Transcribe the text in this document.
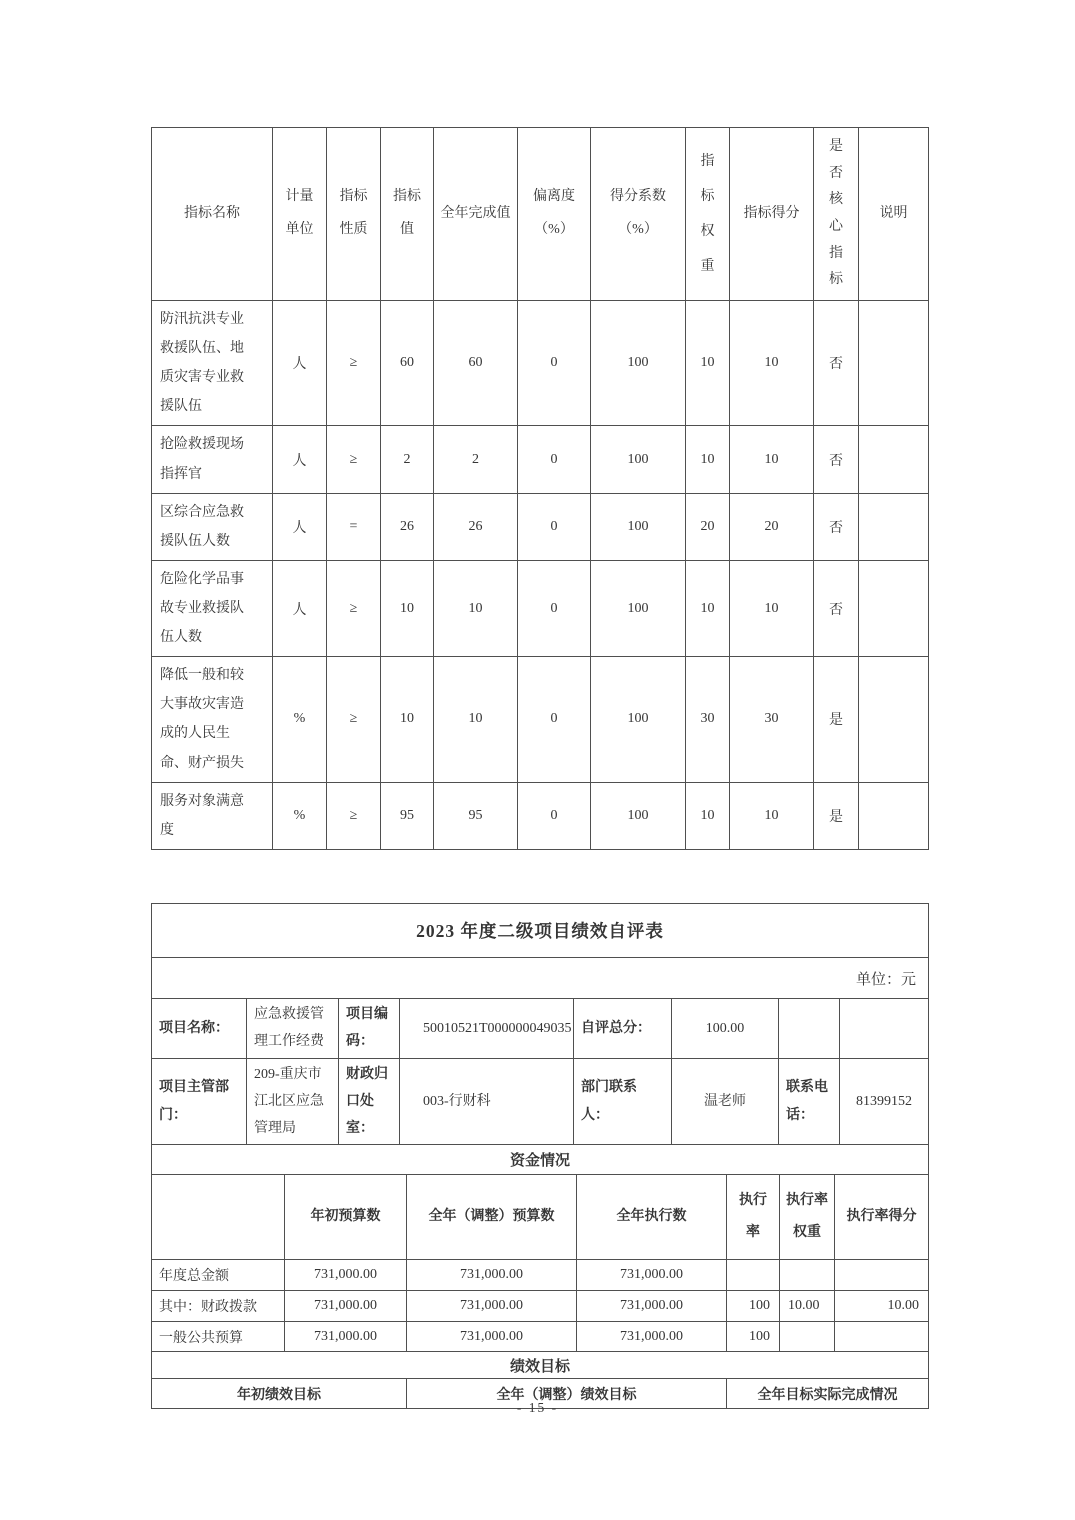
指标名称	计量单位	指标性质	指标值	全年完成值	偏离度（%）	得分系数（%）	指标权重	指标得分	是否核心指标	说明
防汛抗洪专业救援队伍、地质灾害专业救援队伍	人	≥	60	60	0	100	10	10	否	
抢险救援现场指挥官	人	≥	2	2	0	100	10	10	否	
区综合应急救援队伍人数	人	=	26	26	0	100	20	20	否	
危险化学品事故专业救援队伍人数	人	≥	10	10	0	100	10	10	否	
降低一般和较大事故灾害造成的人民生命、财产损失	%	≥	10	10	0	100	30	30	是	
服务对象满意度	%	≥	95	95	0	100	10	10	是	
2023 年度二级项目绩效自评表
单位：元
项目名称：	应急救援管理工作经费	项目编码：	50010521T000000049035	自评总分：	100.00		
项目主管部门：	209-重庆市江北区应急管理局	财政归口处室：	003-行财科	部门联系人：	温老师	联系电话：	81399152
资金情况
	年初预算数	全年（调整）预算数	全年执行数	执行率	执行率权重	执行率得分
年度总金额	731,000.00	731,000.00	731,000.00			
其中：财政拨款	731,000.00	731,000.00	731,000.00	100	10.00	10.00
一般公共预算	731,000.00	731,000.00	731,000.00	100		
绩效目标
年初绩效目标	全年（调整）绩效目标	全年目标实际完成情况
- 15 -
